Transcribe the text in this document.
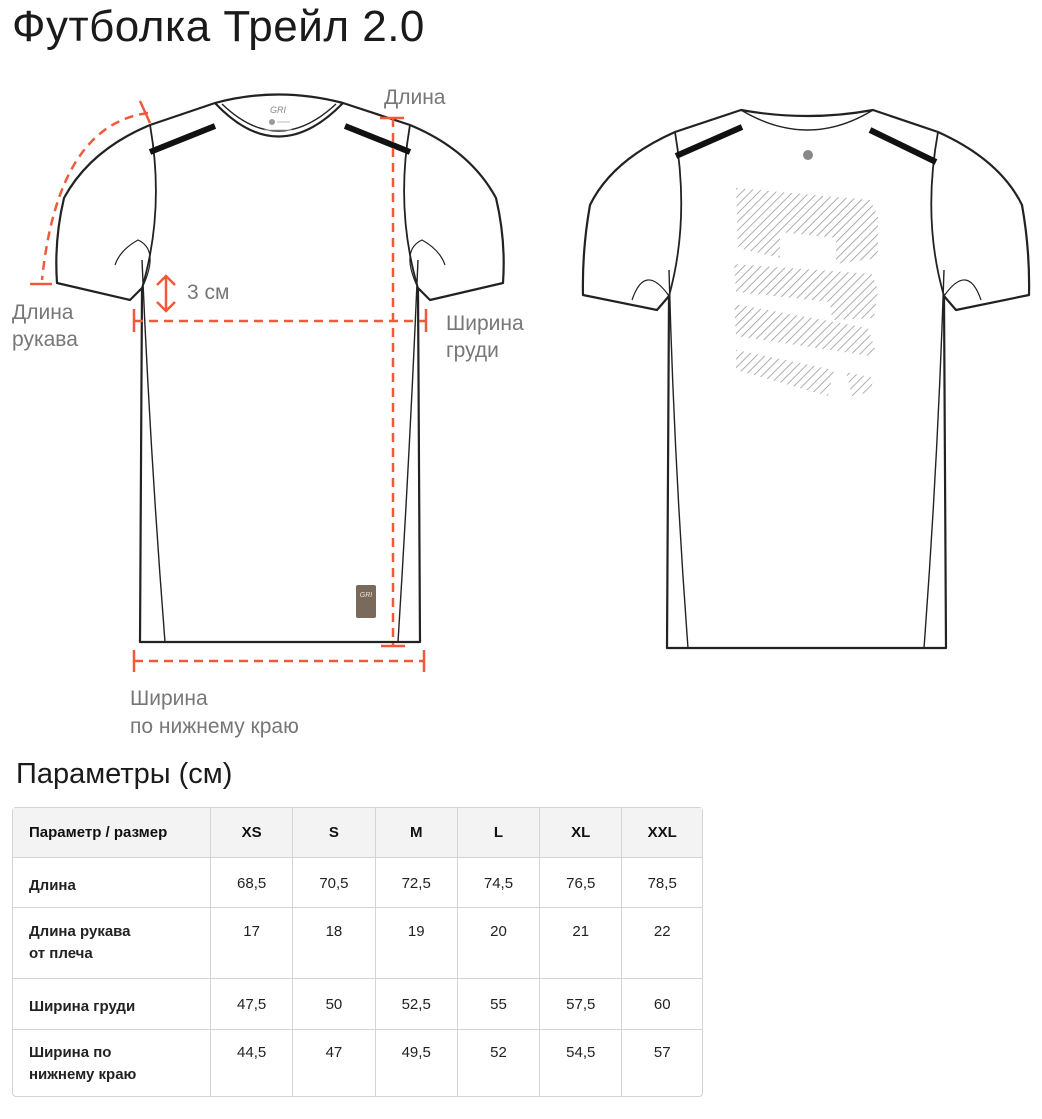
Футболка Трейл 2.0
GRI
GRI
Длина
Длина
рукава
3 см
Ширина
груди
Ширина
по нижнему краю
Параметры (см)
Параметр / размер	XS	S	M	L	XL	XXL
Длина	68,5	70,5	72,5	74,5	76,5	78,5
Длина рукава
от плеча	17	18	19	20	21	22
Ширина груди	47,5	50	52,5	55	57,5	60
Ширина по
нижнему краю	44,5	47	49,5	52	54,5	57
